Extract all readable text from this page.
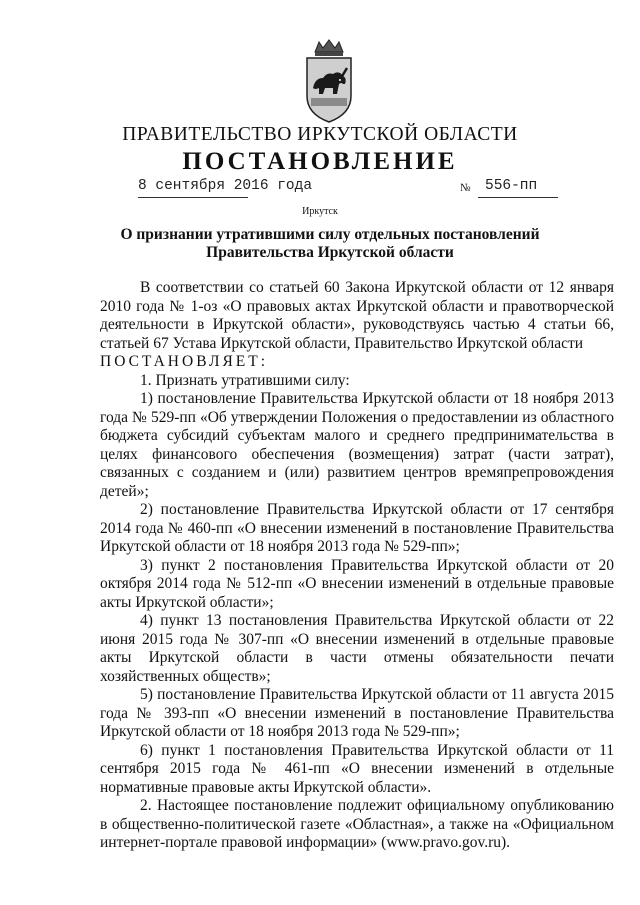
ПРАВИТЕЛЬСТВО ИРКУТСКОЙ ОБЛАСТИ
ПОСТАНОВЛЕНИЕ
8 сентября 2016 года	№ 556-пп
Иркутск
О признании утратившими силу отдельных постановлений
Правительства Иркутской области

В соответствии со статьей 60 Закона Иркутской области от 12 января 2010 года № 1-оз «О правовых актах Иркутской области и правотворческой деятельности в Иркутской области», руководствуясь частью 4 статьи 66, статьей 67 Устава Иркутской области, Правительство Иркутской области

ПОСТАНОВЛЯЕТ:

1. Признать утратившими силу:

1) постановление Правительства Иркутской области от 18 ноября 2013 года № 529-пп «Об утверждении Положения о предоставлении из областного бюджета субсидий субъектам малого и среднего предпринимательства в целях финансового обеспечения (возмещения) затрат (части затрат), связанных с созданием и (или) развитием центров времяпрепровождения детей»;

2) постановление Правительства Иркутской области от 17 сентября 2014 года № 460-пп «О внесении изменений в постановление Правительства Иркутской области от 18 ноября 2013 года № 529-пп»;

3) пункт 2 постановления Правительства Иркутской области от 20 октября 2014 года № 512-пп «О внесении изменений в отдельные правовые акты Иркутской области»;

4) пункт 13 постановления Правительства Иркутской области от 22 июня 2015 года № 307-пп «О внесении изменений в отдельные правовые акты Иркутской области в части отмены обязательности печати хозяйственных обществ»;

5) постановление Правительства Иркутской области от 11 августа 2015 года № 393-пп «О внесении изменений в постановление Правительства Иркутской области от 18 ноября 2013 года № 529-пп»;

6) пункт 1 постановления Правительства Иркутской области от 11 сентября 2015 года № 461-пп «О внесении изменений в отдельные нормативные правовые акты Иркутской области».

2. Настоящее постановление подлежит официальному опубликованию в общественно-политической газете «Областная», а также на «Официальном интернет-портале правовой информации» (www.pravo.gov.ru).
